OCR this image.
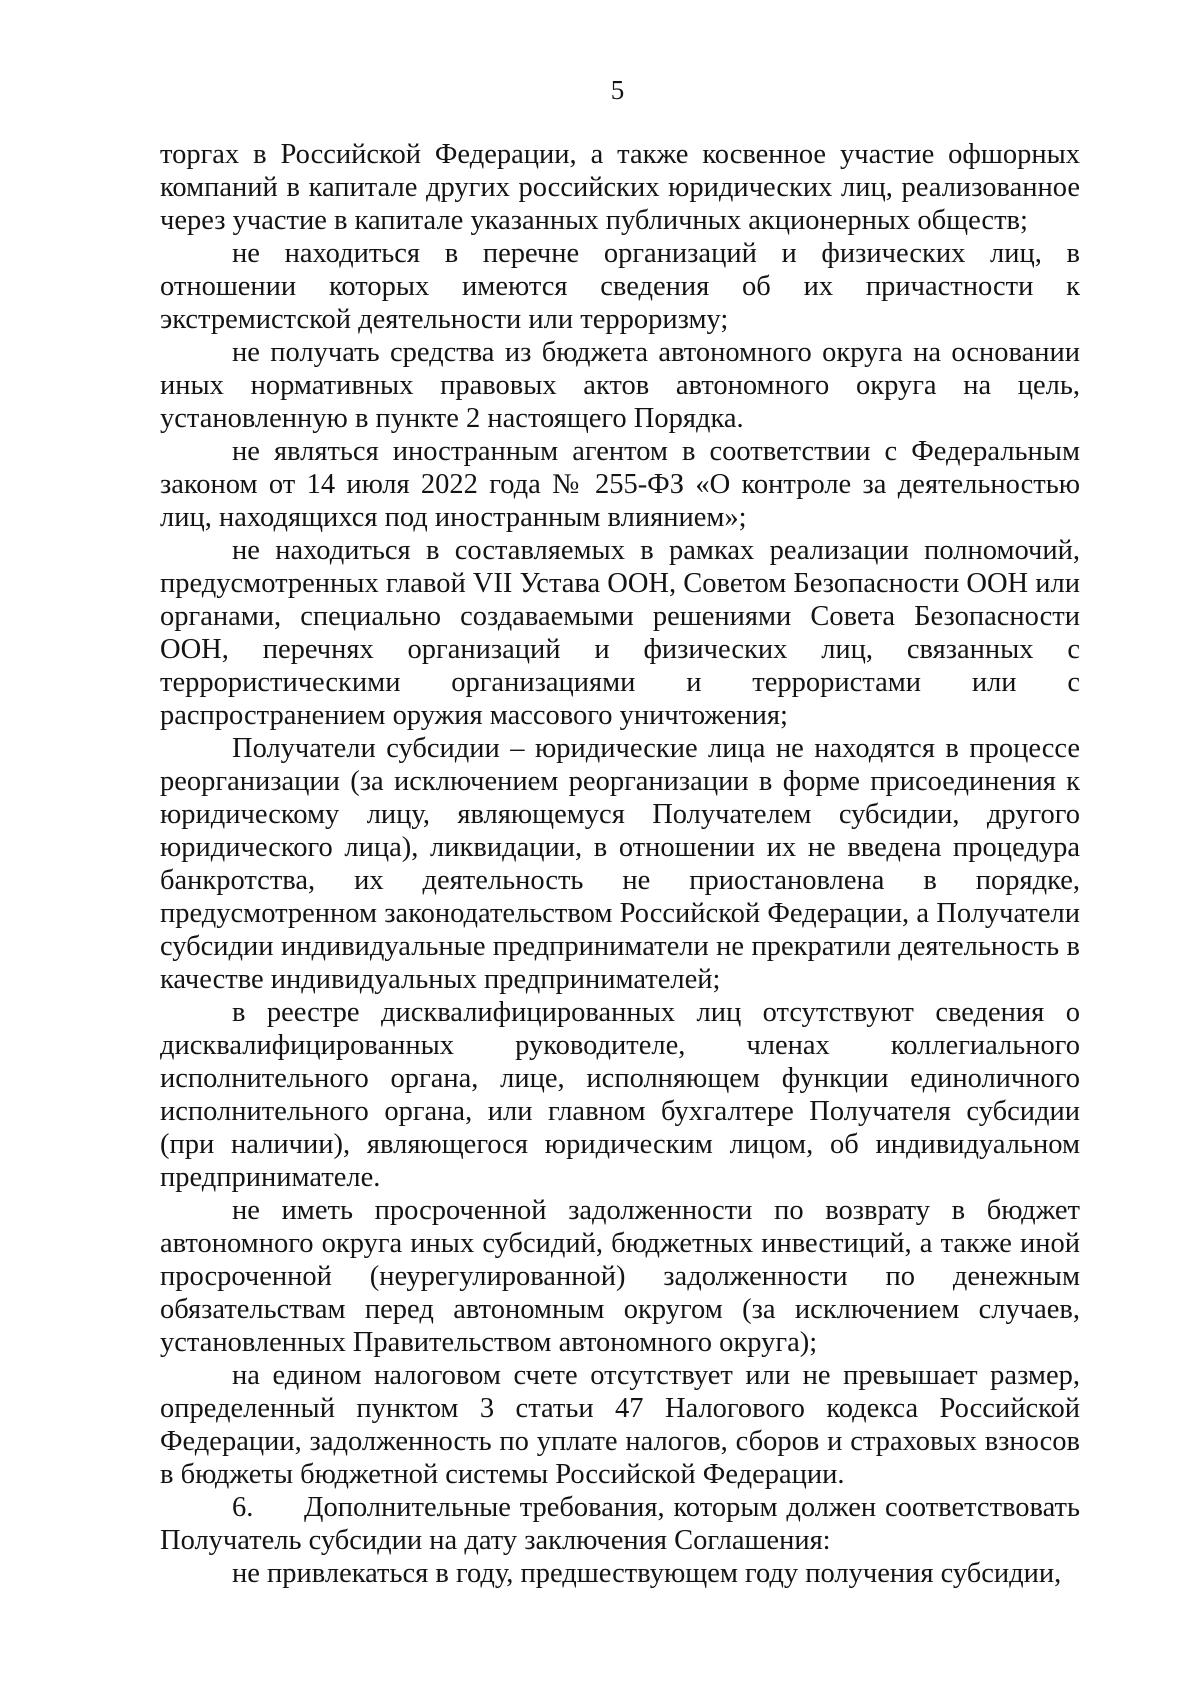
5

торгах в Российской Федерации, а также косвенное участие офшорных компаний в капитале других российских юридических лиц, реализованное через участие в капитале указанных публичных акционерных обществ;

не находиться в перечне организаций и физических лиц, в отношении которых имеются сведения об их причастности к экстремистской деятельности или терроризму;

не получать средства из бюджета автономного округа на основании иных нормативных правовых актов автономного округа на цель, установленную в пункте 2 настоящего Порядка.

не являться иностранным агентом в соответствии с Федеральным законом от 14 июля 2022 года № 255-ФЗ «О контроле за деятельностью лиц, находящихся под иностранным влиянием»;

не находиться в составляемых в рамках реализации полномочий, предусмотренных главой VII Устава ООН, Советом Безопасности ООН или органами, специально создаваемыми решениями Совета Безопасности ООН, перечнях организаций и физических лиц, связанных с террористическими организациями и террористами или с распространением оружия массового уничтожения;

Получатели субсидии – юридические лица не находятся в процессе реорганизации (за исключением реорганизации в форме присоединения к юридическому лицу, являющемуся Получателем субсидии, другого юридического лица), ликвидации, в отношении их не введена процедура банкротства, их деятельность не приостановлена в порядке, предусмотренном законодательством Российской Федерации, а Получатели субсидии индивидуальные предприниматели не прекратили деятельность в качестве индивидуальных предпринимателей;

в реестре дисквалифицированных лиц отсутствуют сведения о дисквалифицированных руководителе, членах коллегиального исполнительного органа, лице, исполняющем функции единоличного исполнительного органа, или главном бухгалтере Получателя субсидии (при наличии), являющегося юридическим лицом, об индивидуальном предпринимателе.

не иметь просроченной задолженности по возврату в бюджет автономного округа иных субсидий, бюджетных инвестиций, а также иной просроченной (неурегулированной) задолженности по денежным обязательствам перед автономным округом (за исключением случаев, установленных Правительством автономного округа);

на едином налоговом счете отсутствует или не превышает размер, определенный пунктом 3 статьи 47 Налогового кодекса Российской Федерации, задолженность по уплате налогов, сборов и страховых взносов в бюджеты бюджетной системы Российской Федерации.

6. Дополнительные требования, которым должен соответствовать Получатель субсидии на дату заключения Соглашения:

не привлекаться в году, предшествующем году получения субсидии,
